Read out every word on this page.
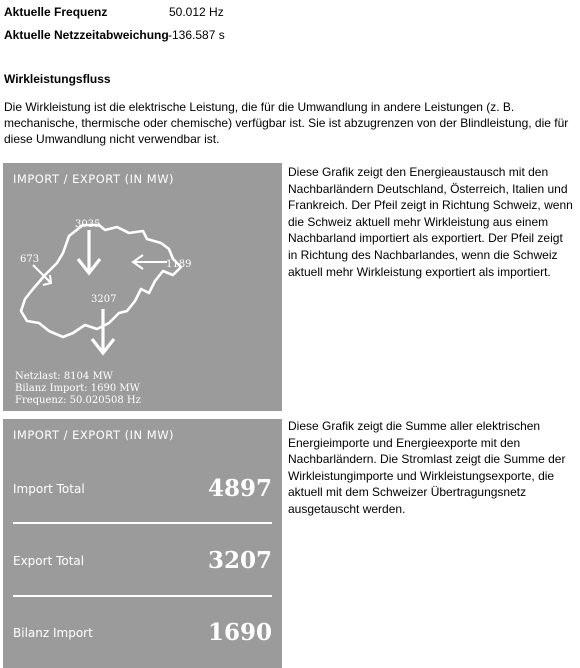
Aktuelle Frequenz	50.012 Hz
Aktuelle Netzzeitabweichung -136.587 s
Wirkleistungsfluss
Die Wirkleistung ist die elektrische Leistung, die für die Umwandlung in andere Leistungen (z. B. mechanische, thermische oder chemische) verfügbar ist. Sie ist abzugrenzen von der Blindleistung, die für diese Umwandlung nicht verwendbar ist.
IMPORT / EXPORT (IN MW)
3035
673	1189
3207
Netzlast: 8104 MW
Bilanz Import: 1690 MW
Frequenz: 50.020508 Hz
Diese Grafik zeigt den Energieaustausch mit den Nachbarländern Deutschland, Österreich, Italien und Frankreich. Der Pfeil zeigt in Richtung Schweiz, wenn die Schweiz aktuell mehr Wirkleistung aus einem Nachbarland importiert als exportiert. Der Pfeil zeigt in Richtung des Nachbarlandes, wenn die Schweiz aktuell mehr Wirkleistung exportiert als importiert.
IMPORT / EXPORT (IN MW)
Import Total	4897
Export Total	3207
Bilanz Import	1690
Diese Grafik zeigt die Summe aller elektrischen Energieimporte und Energieexporte mit den Nachbarländern. Die Stromlast zeigt die Summe der Wirkleistungimporte und Wirkleistungsexporte, die aktuell mit dem Schweizer Übertragungsnetz ausgetauscht werden.
